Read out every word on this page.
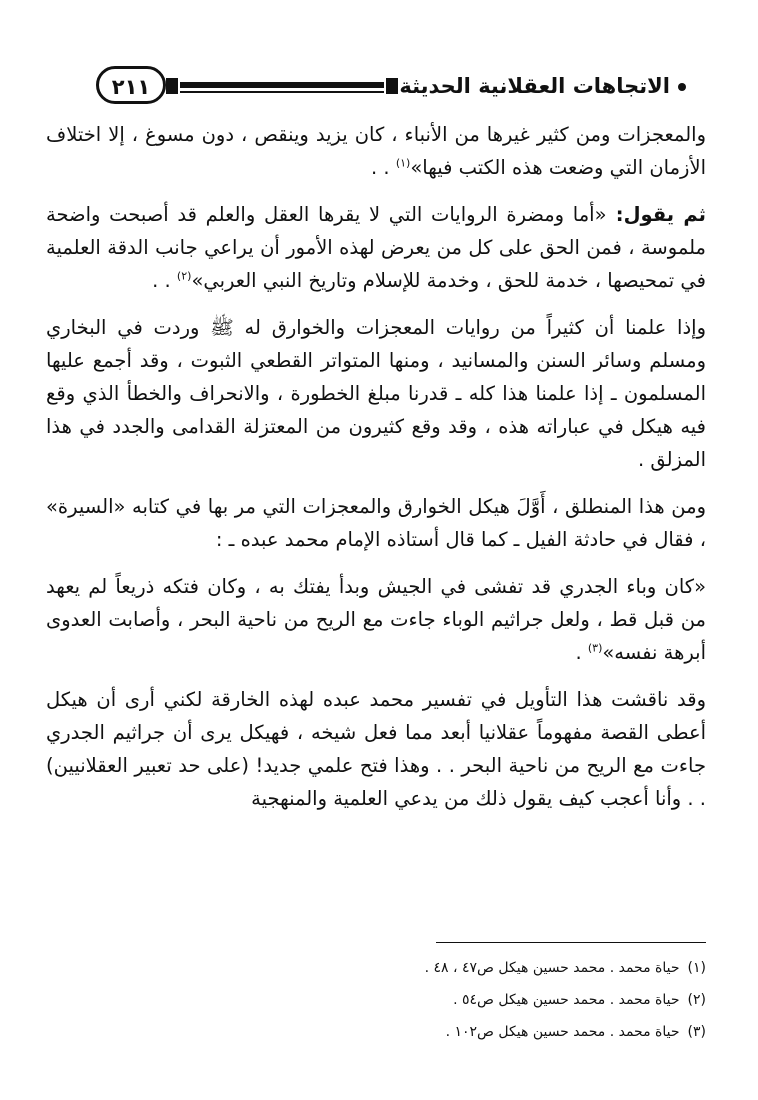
الاتجاهات العقلانية الحديثة
٢١١

والمعجزات ومن كثير غيرها من الأنباء ، كان يزيد وينقص ، دون مسوغ ، إلا اختلاف الأزمان التي وضعت هذه الكتب فيها»$^{(١)}$ . .

ثم يقول: «أما ومضرة الروايات التي لا يقرها العقل والعلم قد أصبحت واضحة ملموسة ، فمن الحق على كل من يعرض لهذه الأمور أن يراعي جانب الدقة العلمية في تمحيصها ، خدمة للحق ، وخدمة للإسلام وتاريخ النبي العربي»$^{(٢)}$ . .

وإذا علمنا أن كثيراً من روايات المعجزات والخوارق له ﷺ وردت في البخاري ومسلم وسائر السنن والمسانيد ، ومنها المتواتر القطعي الثبوت ، وقد أجمع عليها المسلمون ـ إذا علمنا هذا كله ـ قدرنا مبلغ الخطورة ، والانحراف والخطأ الذي وقع فيه هيكل في عباراته هذه ، وقد وقع كثيرون من المعتزلة القدامى والجدد في هذا المزلق .

ومن هذا المنطلق ، أَوَّلَ هيكل الخوارق والمعجزات التي مر بها في كتابه «السيرة» ، فقال في حادثة الفيل ـ كما قال أستاذه الإمام محمد عبده ـ :

«كان وباء الجدري قد تفشى في الجيش وبدأ يفتك به ، وكان فتكه ذريعاً لم يعهد من قبل قط ، ولعل جراثيم الوباء جاءت مع الريح من ناحية البحر ، وأصابت العدوى أبرهة نفسه»$^{(٣)}$ .

وقد ناقشت هذا التأويل في تفسير محمد عبده لهذه الخارقة لكني أرى أن هيكل أعطى القصة مفهوماً عقلانيا أبعد مما فعل شيخه ، فهيكل يرى أن جراثيم الجدري جاءت مع الريح من ناحية البحر . . وهذا فتح علمي جديد! (على حد تعبير العقلانيين) . . وأنا أعجب كيف يقول ذلك من يدعي العلمية والمنهجية

(١)حياة محمد . محمد حسين هيكل ص٤٧ ، ٤٨ .
(٢)حياة محمد . محمد حسين هيكل ص٥٤ .
(٣)حياة محمد . محمد حسين هيكل ص١٠٢ .
